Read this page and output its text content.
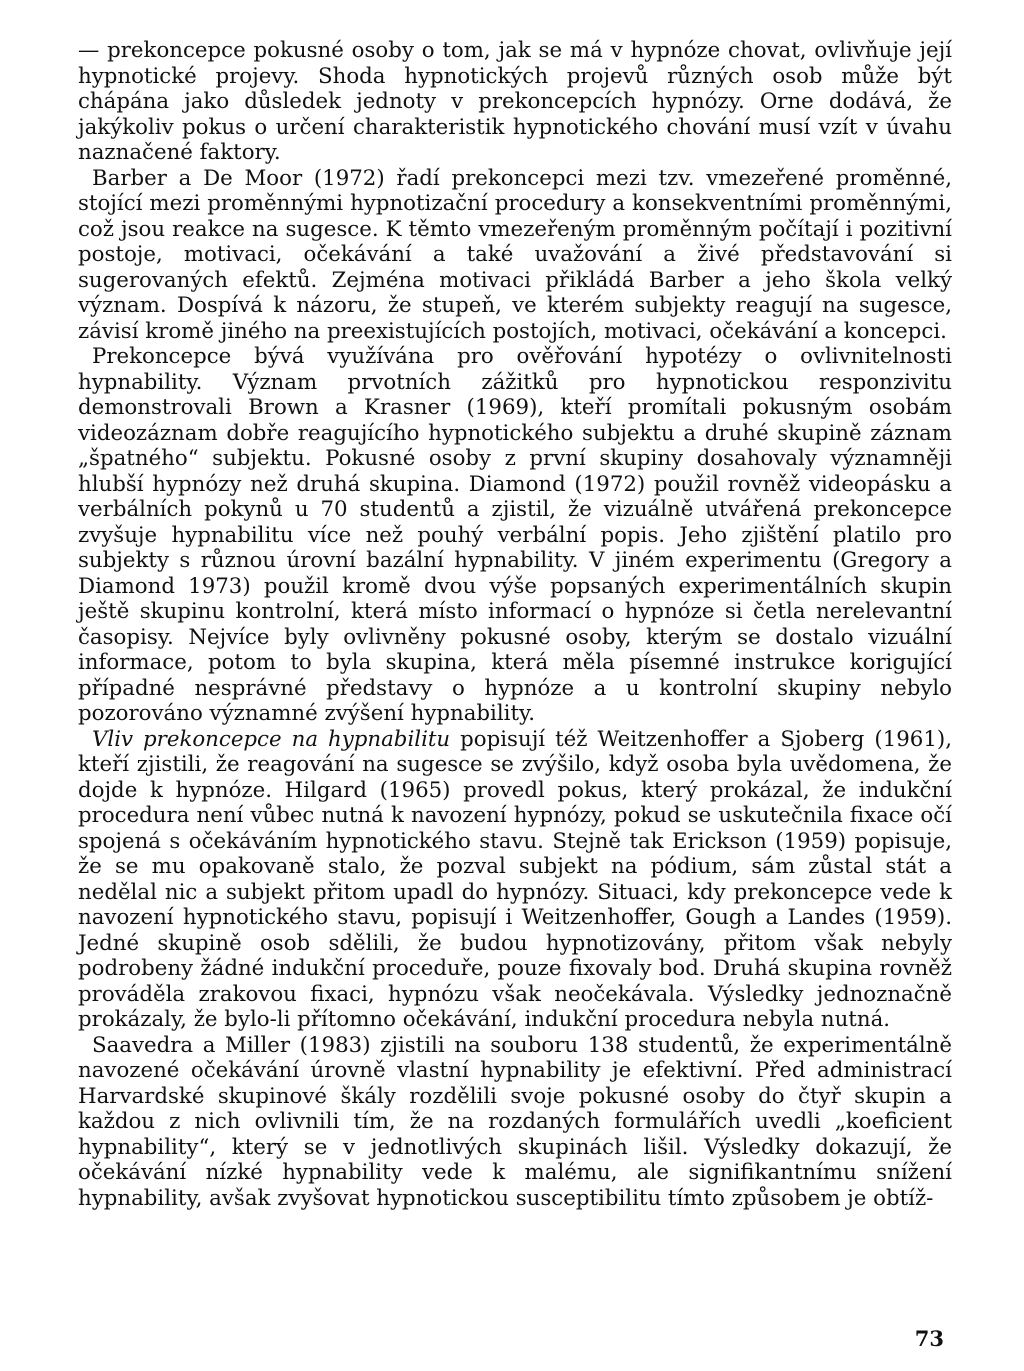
— prekoncepce pokusné osoby o tom, jak se má v hypnóze chovat, ovlivňuje její hypnotické projevy. Shoda hypnotických projevů různých osob může být chápána jako důsledek jednoty v prekoncepcích hypnózy. Orne dodává, že jakýkoliv pokus o určení charakteristik hypnotického chování musí vzít v úvahu naznačené faktory.

Barber a De Moor (1972) řadí prekoncepci mezi tzv. vmezeřené proměnné, stojící mezi proměnnými hypnotizační procedury a konsekventními proměnnými, což jsou reakce na sugesce. K těmto vmezeřeným proměnným počítají i pozitivní postoje, motivaci, očekávání a také uvažování a živé představování si sugerovaných efektů. Zejména motivaci přikládá Barber a jeho škola velký význam. Dospívá k názoru, že stupeň, ve kterém subjekty reagují na sugesce, závisí kromě jiného na preexistujících postojích, motivaci, očekávání a koncepci.

Prekoncepce bývá využívána pro ověřování hypotézy o ovlivnitelnosti hypnability. Význam prvotních zážitků pro hypnotickou responzivitu demonstrovali Brown a Krasner (1969), kteří promítali pokusným osobám videozáznam dobře reagujícího hypnotického subjektu a druhé skupině záznam „špatného“ subjektu. Pokusné osoby z první skupiny dosahovaly významněji hlubší hypnózy než druhá skupina. Diamond (1972) použil rovněž videopásku a verbálních pokynů u 70 studentů a zjistil, že vizuálně utvářená prekoncepce zvyšuje hypnabilitu více než pouhý verbální popis. Jeho zjištění platilo pro subjekty s různou úrovní bazální hypnability. V jiném experimentu (Gregory a Diamond 1973) použil kromě dvou výše popsaných experimentálních skupin ještě skupinu kontrolní, která místo informací o hypnóze si četla nerelevantní časopisy. Nejvíce byly ovlivněny pokusné osoby, kterým se dostalo vizuální informace, potom to byla skupina, která měla písemné instrukce korigující případné nesprávné představy o hypnóze a u kontrolní skupiny nebylo pozorováno významné zvýšení hypnability.

Vliv prekoncepce na hypnabilitu popisují též Weitzenhoffer a Sjoberg (1961), kteří zjistili, že reagování na sugesce se zvýšilo, když osoba byla uvědomena, že dojde k hypnóze. Hilgard (1965) provedl pokus, který prokázal, že indukční procedura není vůbec nutná k navození hypnózy, pokud se uskutečnila fixace očí spojená s očekáváním hypnotického stavu. Stejně tak Erickson (1959) popisuje, že se mu opakovaně stalo, že pozval subjekt na pódium, sám zůstal stát a nedělal nic a subjekt přitom upadl do hypnózy. Situaci, kdy prekoncepce vede k navození hypnotického stavu, popisují i Weitzenhoffer, Gough a Landes (1959). Jedné skupině osob sdělili, že budou hypnotizovány, přitom však nebyly podrobeny žádné indukční proceduře, pouze fixovaly bod. Druhá skupina rovněž prováděla zrakovou fixaci, hypnózu však neočekávala. Výsledky jednoznačně prokázaly, že bylo-li přítomno očekávání, indukční procedura nebyla nutná.

Saavedra a Miller (1983) zjistili na souboru 138 studentů, že experimentálně navozené očekávání úrovně vlastní hypnability je efektivní. Před administrací Harvardské skupinové škály rozdělili svoje pokusné osoby do čtyř skupin a každou z nich ovlivnili tím, že na rozdaných formulářích uvedli „koeficient hypnability“, který se v jednotlivých skupinách lišil. Výsledky dokazují, že očekávání nízké hypnability vede k malému, ale signifikantnímu snížení hypnability, avšak zvyšovat hypnotickou susceptibilitu tímto způsobem je obtíž-

73
